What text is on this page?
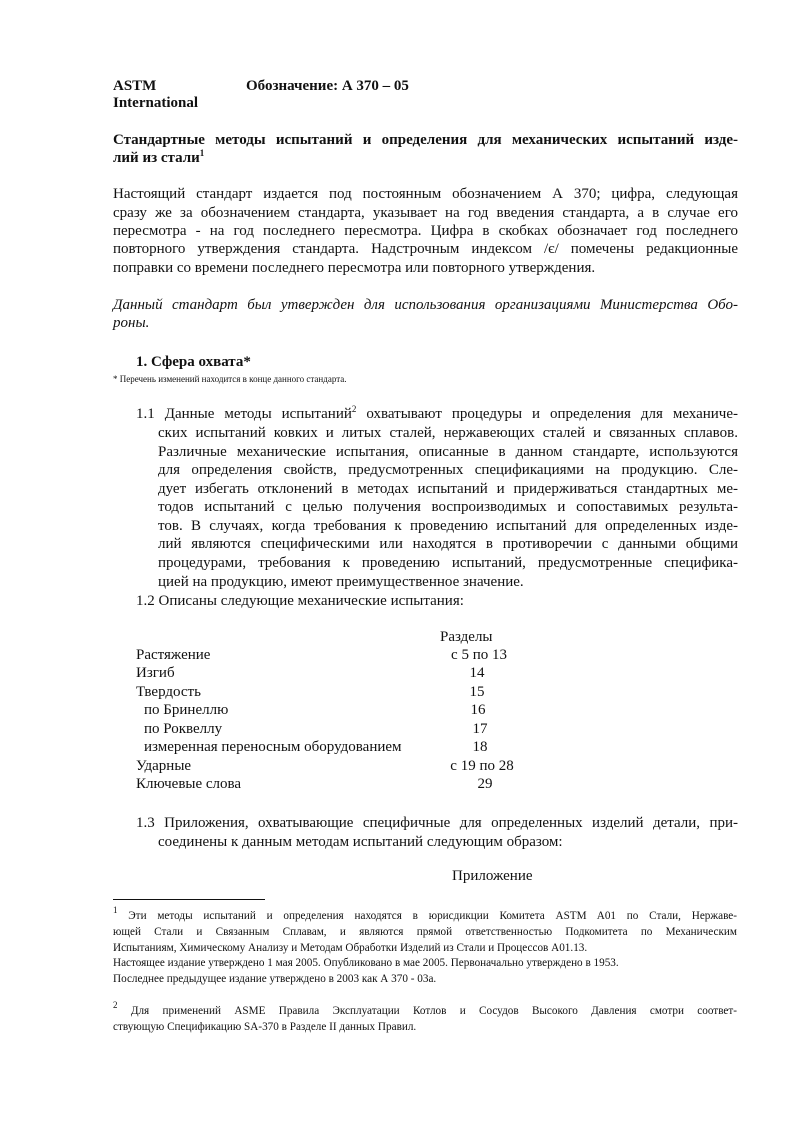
ASTM
International
Обозначение: А 370 – 05
Стандартные методы испытаний и определения для механических испытаний изде-
лий из стали$^1$
Настоящий стандарт издается под постоянным обозначением А 370; цифра, следующая
сразу же за обозначением стандарта, указывает на год введения стандарта, а в случае его
пересмотра - на год последнего пересмотра. Цифра в скобках обозначает год последнего
повторного утверждения стандарта. Надстрочным индексом /є/ помечены редакционные
поправки со времени последнего пересмотра или повторного утверждения.
Данный стандарт был утвержден для использования организациями Министерства Обо-
роны.
1. Сфера охвата*
* Перечень изменений находится в конце данного стандарта.
1.1 Данные методы испытаний$^2$ охватывают процедуры и определения для механиче-
ских испытаний ковких и литых сталей, нержавеющих сталей и связанных сплавов.
Различные механические испытания, описанные в данном стандарте, используются
для определения свойств, предусмотренных спецификациями на продукцию. Сле-
дует избегать отклонений в методах испытаний и придерживаться стандартных ме-
тодов испытаний с целью получения воспроизводимых и сопоставимых результа-
тов. В случаях, когда требования к проведению испытаний для определенных изде-
лий являются специфическими или находятся в противоречии с данными общими
процедурами, требования к проведению испытаний, предусмотренные специфика-
цией на продукцию, имеют преимущественное значение.
1.2 Описаны следующие механические испытания:
Разделы
Растяжение	с 5 по 13
Изгиб	14
Твердость	15
по Бринеллю	16
по Роквеллу	17
измеренная переносным оборудованием	18
Ударные	с 19 по 28
Ключевые слова	29
1.3 Приложения, охватывающие специфичные для определенных изделий детали, при-
соединены к данным методам испытаний следующим образом:
Приложение
$^1$ Эти методы испытаний и определения находятся в юрисдикции Комитета ASTM A01 по Стали, Нержаве-
ющей Стали и Связанным Сплавам, и являются прямой ответственностью Подкомитета по Механическим
Испытаниям, Химическому Анализу и Методам Обработки Изделий из Стали и Процессов A01.13.
Настоящее издание утверждено 1 мая 2005. Опубликовано в мае 2005. Первоначально утверждено в 1953.
Последнее предыдущее издание утверждено в 2003 как А 370 - 03а.
$^2$ Для применений ASME Правила Эксплуатации Котлов и Сосудов Высокого Давления смотри соответ-
ствующую Спецификацию SA-370 в Разделе II данных Правил.
